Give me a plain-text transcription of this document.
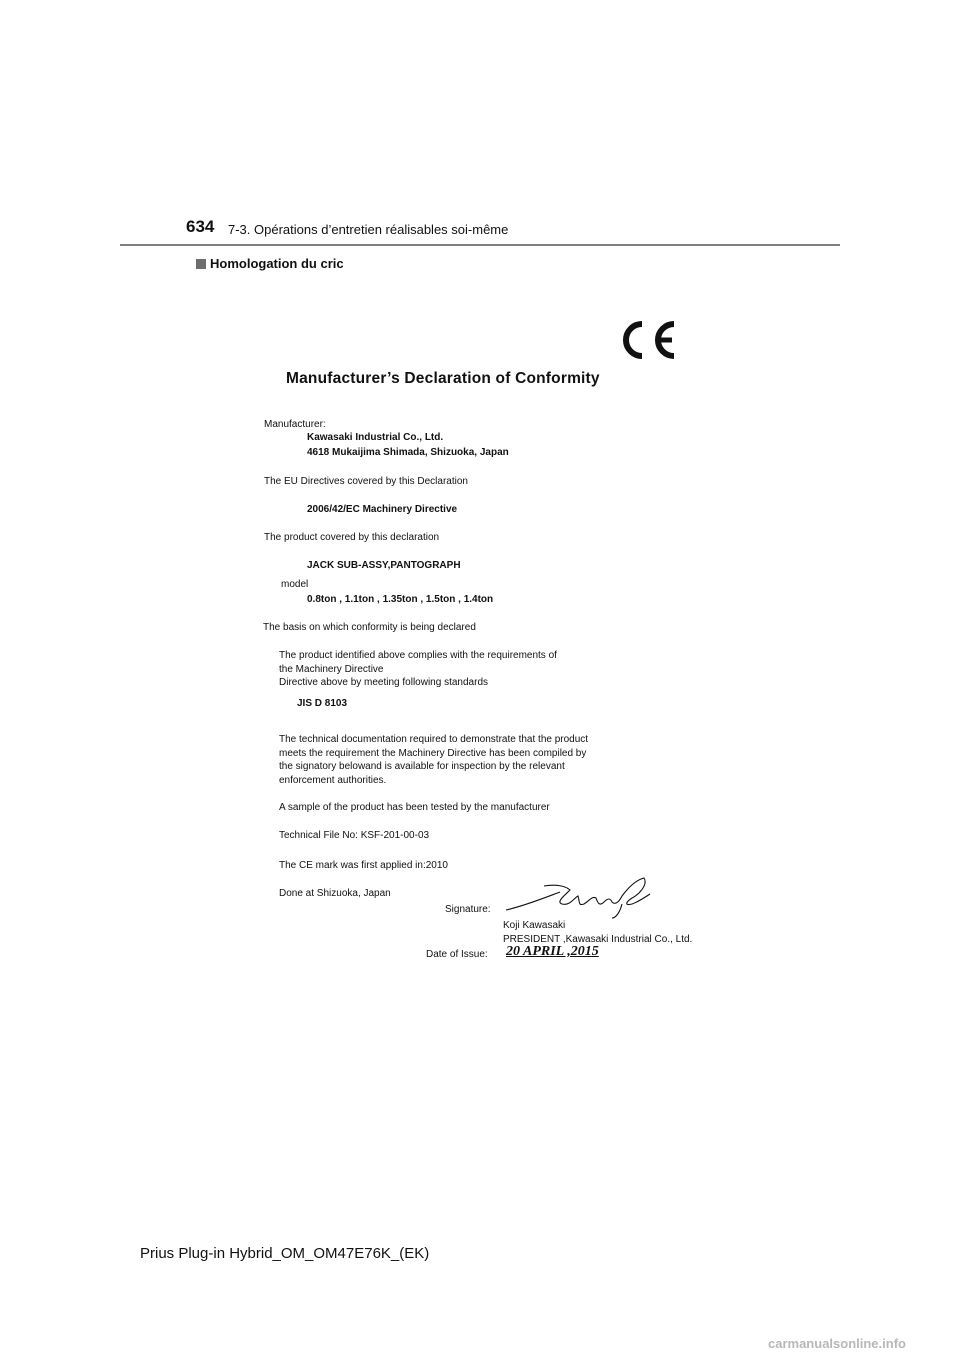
634 7-3. Opérations d’entretien réalisables soi-même
Homologation du cric
Manufacturer’s Declaration of Conformity
Manufacturer:
Kawasaki Industrial Co., Ltd.
4618 Mukaijima Shimada, Shizuoka, Japan
The EU Directives covered by this Declaration
2006/42/EC Machinery Directive
The product covered by this declaration
JACK SUB-ASSY,PANTOGRAPH
model
0.8ton , 1.1ton , 1.35ton , 1.5ton , 1.4ton
The basis on which conformity is being declared
The product identified above complies with the requirements of
the Machinery Directive
Directive above by meeting following standards
JIS D 8103
The technical documentation required to demonstrate that the product
meets the requirement the Machinery Directive has been compiled by
the signatory belowand is available for inspection by the relevant
enforcement authorities.
A sample of the product has been tested by the manufacturer
Technical File No: KSF-201-00-03
The CE mark was first applied in:2010
Done at Shizuoka, Japan
Signature:
Koji Kawasaki
PRESIDENT ,Kawasaki Industrial Co., Ltd.
Date of Issue: 20 APRIL ,2015
Prius Plug-in Hybrid_OM_OM47E76K_(EK)
carmanualsonline.info
